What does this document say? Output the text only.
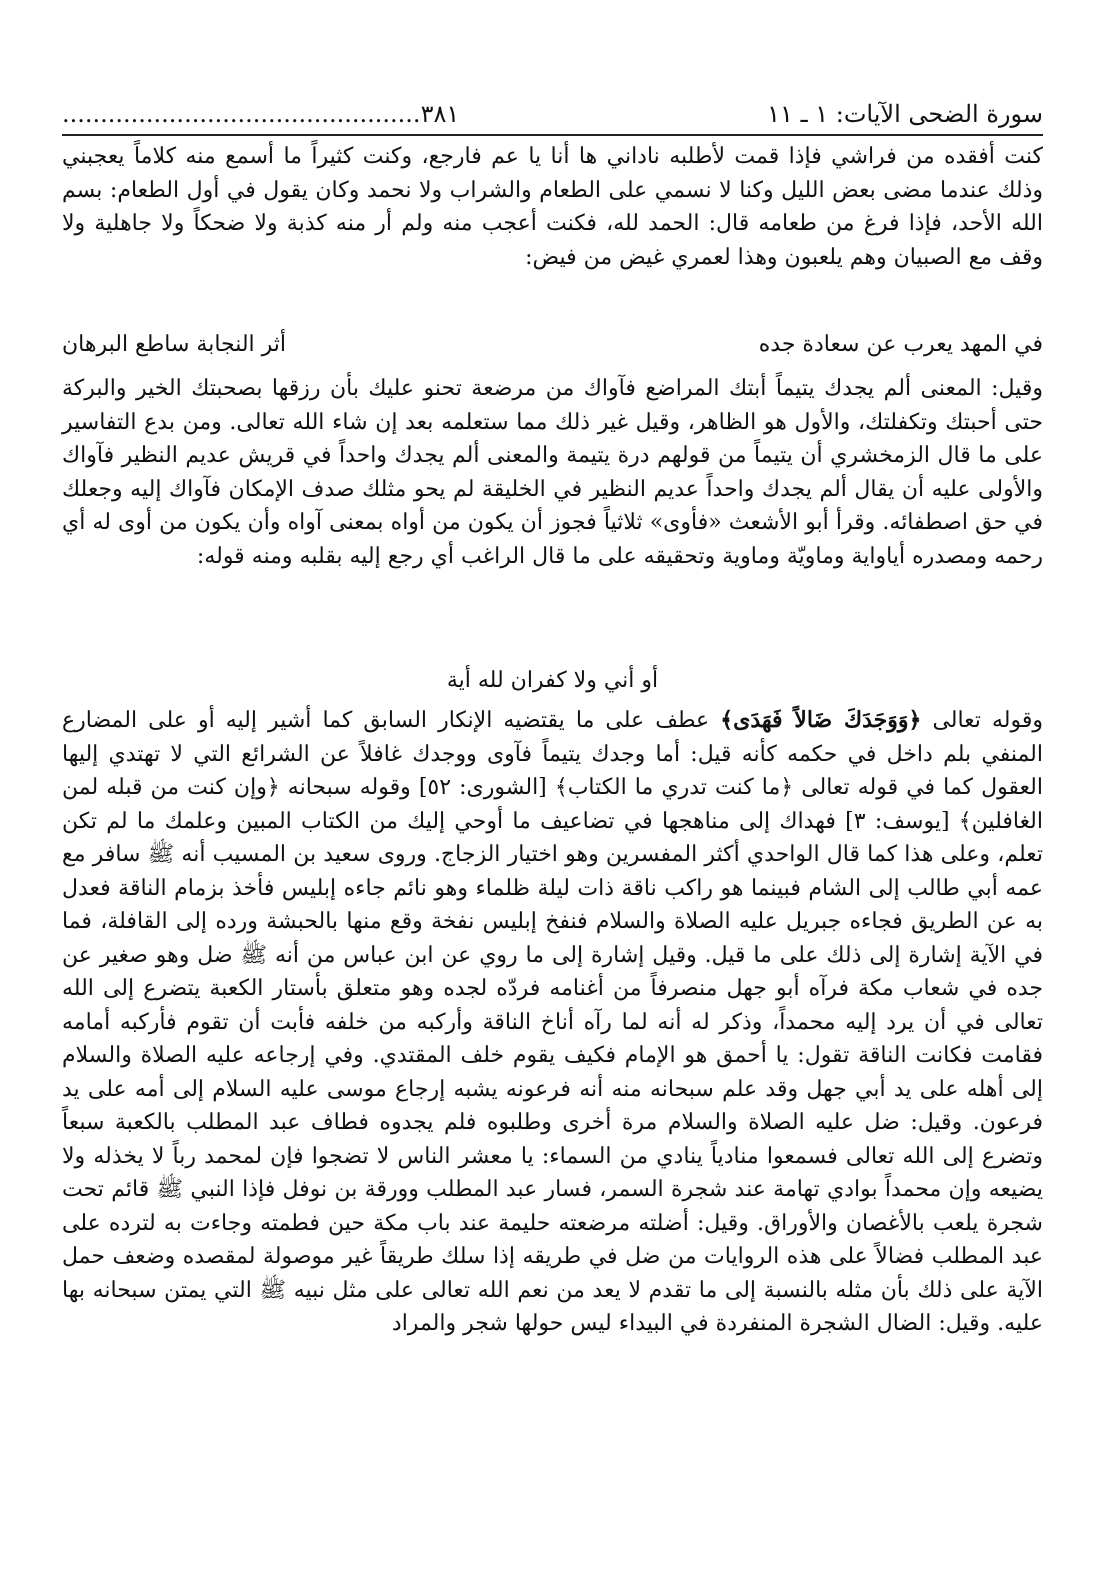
٣٨١...............................................	سورة الضحى الآيات: ١ ـ ١١

كنت أفقده من فراشي فإذا قمت لأطلبه ناداني ها أنا يا عم فارجع، وكنت كثيراً ما أسمع منه كلاماً يعجبني وذلك عندما مضى بعض الليل وكنا لا نسمي على الطعام والشراب ولا نحمد وكان يقول في أول الطعام: بسم الله الأحد، فإذا فرغ من طعامه قال: الحمد لله، فكنت أعجب منه ولم أر منه كذبة ولا ضحكاً ولا جاهلية ولا وقف مع الصبيان وهم يلعبون وهذا لعمري غيض من فيض:

في المهد يعرب عن سعادة جده
أثر النجابة ساطع البرهان

وقيل: المعنى ألم يجدك يتيماً أبتك المراضع فآواك من مرضعة تحنو عليك بأن رزقها بصحبتك الخير والبركة حتى أحبتك وتكفلتك، والأول هو الظاهر، وقيل غير ذلك مما ستعلمه بعد إن شاء الله تعالى. ومن بدع التفاسير على ما قال الزمخشري أن يتيماً من قولهم درة يتيمة والمعنى ألم يجدك واحداً في قريش عديم النظير فآواك والأولى عليه أن يقال ألم يجدك واحداً عديم النظير في الخليقة لم يحو مثلك صدف الإمكان فآواك إليه وجعلك في حق اصطفائه. وقرأ أبو الأشعث «فأوى» ثلاثياً فجوز أن يكون من أواه بمعنى آواه وأن يكون من أوى له أي رحمه ومصدره أياواية وماويّة وماوية وتحقيقه على ما قال الراغب أي رجع إليه بقلبه ومنه قوله:

أو أني ولا كفران لله أية

وقوله تعالى ﴿وَوَجَدَكَ ضَالاً فَهَدَى﴾ عطف على ما يقتضيه الإنكار السابق كما أشير إليه أو على المضارع المنفي بلم داخل في حكمه كأنه قيل: أما وجدك يتيماً فآوى ووجدك غافلاً عن الشرائع التي لا تهتدي إليها العقول كما في قوله تعالى ﴿ما كنت تدري ما الكتاب﴾ [الشورى: ٥٢] وقوله سبحانه ﴿وإن كنت من قبله لمن الغافلين﴾ [يوسف: ٣] فهداك إلى مناهجها في تضاعيف ما أوحي إليك من الكتاب المبين وعلمك ما لم تكن تعلم، وعلى هذا كما قال الواحدي أكثر المفسرين وهو اختيار الزجاج. وروى سعيد بن المسيب أنه ﷺ سافر مع عمه أبي طالب إلى الشام فبينما هو راكب ناقة ذات ليلة ظلماء وهو نائم جاءه إبليس فأخذ بزمام الناقة فعدل به عن الطريق فجاءه جبريل عليه الصلاة والسلام فنفخ إبليس نفخة وقع منها بالحبشة ورده إلى القافلة، فما في الآية إشارة إلى ذلك على ما قيل. وقيل إشارة إلى ما روي عن ابن عباس من أنه ﷺ ضل وهو صغير عن جده في شعاب مكة فرآه أبو جهل منصرفاً من أغنامه فردّه لجده وهو متعلق بأستار الكعبة يتضرع إلى الله تعالى في أن يرد إليه محمداً، وذكر له أنه لما رآه أناخ الناقة وأركبه من خلفه فأبت أن تقوم فأركبه أمامه فقامت فكانت الناقة تقول: يا أحمق هو الإمام فكيف يقوم خلف المقتدي. وفي إرجاعه عليه الصلاة والسلام إلى أهله على يد أبي جهل وقد علم سبحانه منه أنه فرعونه يشبه إرجاع موسى عليه السلام إلى أمه على يد فرعون. وقيل: ضل عليه الصلاة والسلام مرة أخرى وطلبوه فلم يجدوه فطاف عبد المطلب بالكعبة سبعاً وتضرع إلى الله تعالى فسمعوا منادياً ينادي من السماء: يا معشر الناس لا تضجوا فإن لمحمد رباً لا يخذله ولا يضيعه وإن محمداً بوادي تهامة عند شجرة السمر، فسار عبد المطلب وورقة بن نوفل فإذا النبي ﷺ قائم تحت شجرة يلعب بالأغصان والأوراق. وقيل: أضلته مرضعته حليمة عند باب مكة حين فطمته وجاءت به لترده على عبد المطلب فضالاً على هذه الروايات من ضل في طريقه إذا سلك طريقاً غير موصولة لمقصده وضعف حمل الآية على ذلك بأن مثله بالنسبة إلى ما تقدم لا يعد من نعم الله تعالى على مثل نبيه ﷺ التي يمتن سبحانه بها عليه. وقيل: الضال الشجرة المنفردة في البيداء ليس حولها شجر والمراد
